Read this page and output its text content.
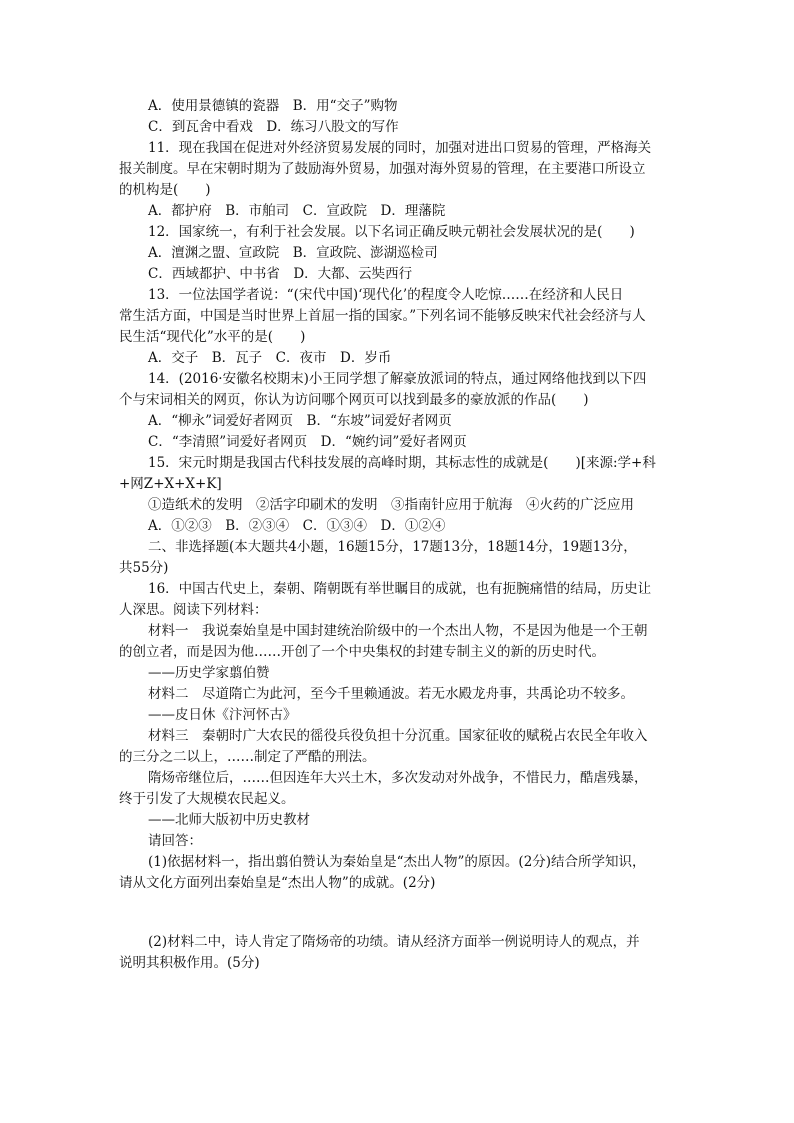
A．使用景德镇的瓷器　B．用“交子”购物
C．到瓦舍中看戏　D．练习八股文的写作
11．现在我国在促进对外经济贸易发展的同时，加强对进出口贸易的管理，严格海关
报关制度。早在宋朝时期为了鼓励海外贸易，加强对海外贸易的管理，在主要港口所设立
的机构是(　　)
A．都护府　B．市舶司　C．宣政院　D．理藩院
12．国家统一，有利于社会发展。以下名词正确反映元朝社会发展状况的是(　　)
A．澶渊之盟、宣政院　B．宣政院、澎湖巡检司
C．西域都护、中书省　D．大都、云奘西行
13．一位法国学者说：“(宋代中国)‘现代化’的程度令人吃惊……在经济和人民日
常生活方面，中国是当时世界上首屈一指的国家。”下列名词不能够反映宋代社会经济与人
民生活“现代化”水平的是(　　)
A．交子　B．瓦子　C．夜市　D．岁币
14．(2016·安徽名校期末)小王同学想了解豪放派词的特点，通过网络他找到以下四
个与宋词相关的网页，你认为访问哪个网页可以找到最多的豪放派的作品(　　)
A．“柳永”词爱好者网页　B．“东坡”词爱好者网页
C．“李清照”词爱好者网页　D．“婉约词”爱好者网页
15．宋元时期是我国古代科技发展的高峰时期，其标志性的成就是(　　)[来源:学+科
+网Z+X+X+K]
①造纸术的发明　②活字印刷术的发明　③指南针应用于航海　④火药的广泛应用
A．①②③　B．②③④　C．①③④　D．①②④
二、非选择题(本大题共4小题，16题15分，17题13分，18题14分，19题13分，
共55分)
16．中国古代史上，秦朝、隋朝既有举世瞩目的成就，也有扼腕痛惜的结局，历史让
人深思。阅读下列材料：
材料一　我说秦始皇是中国封建统治阶级中的一个杰出人物，不是因为他是一个王朝
的创立者，而是因为他……开创了一个中央集权的封建专制主义的新的历史时代。
——历史学家翦伯赞
材料二　尽道隋亡为此河，至今千里赖通波。若无水殿龙舟事，共禹论功不较多。
——皮日休《汴河怀古》
材料三　秦朝时广大农民的徭役兵役负担十分沉重。国家征收的赋税占农民全年收入
的三分之二以上，……制定了严酷的刑法。
隋炀帝继位后，……但因连年大兴土木，多次发动对外战争，不惜民力，酷虐残暴，
终于引发了大规模农民起义。
——北师大版初中历史教材
请回答：
(1)依据材料一，指出翦伯赞认为秦始皇是“杰出人物”的原因。(2分)结合所学知识，
请从文化方面列出秦始皇是“杰出人物”的成就。(2分)
(2)材料二中，诗人肯定了隋炀帝的功绩。请从经济方面举一例说明诗人的观点，并
说明其积极作用。(5分)
